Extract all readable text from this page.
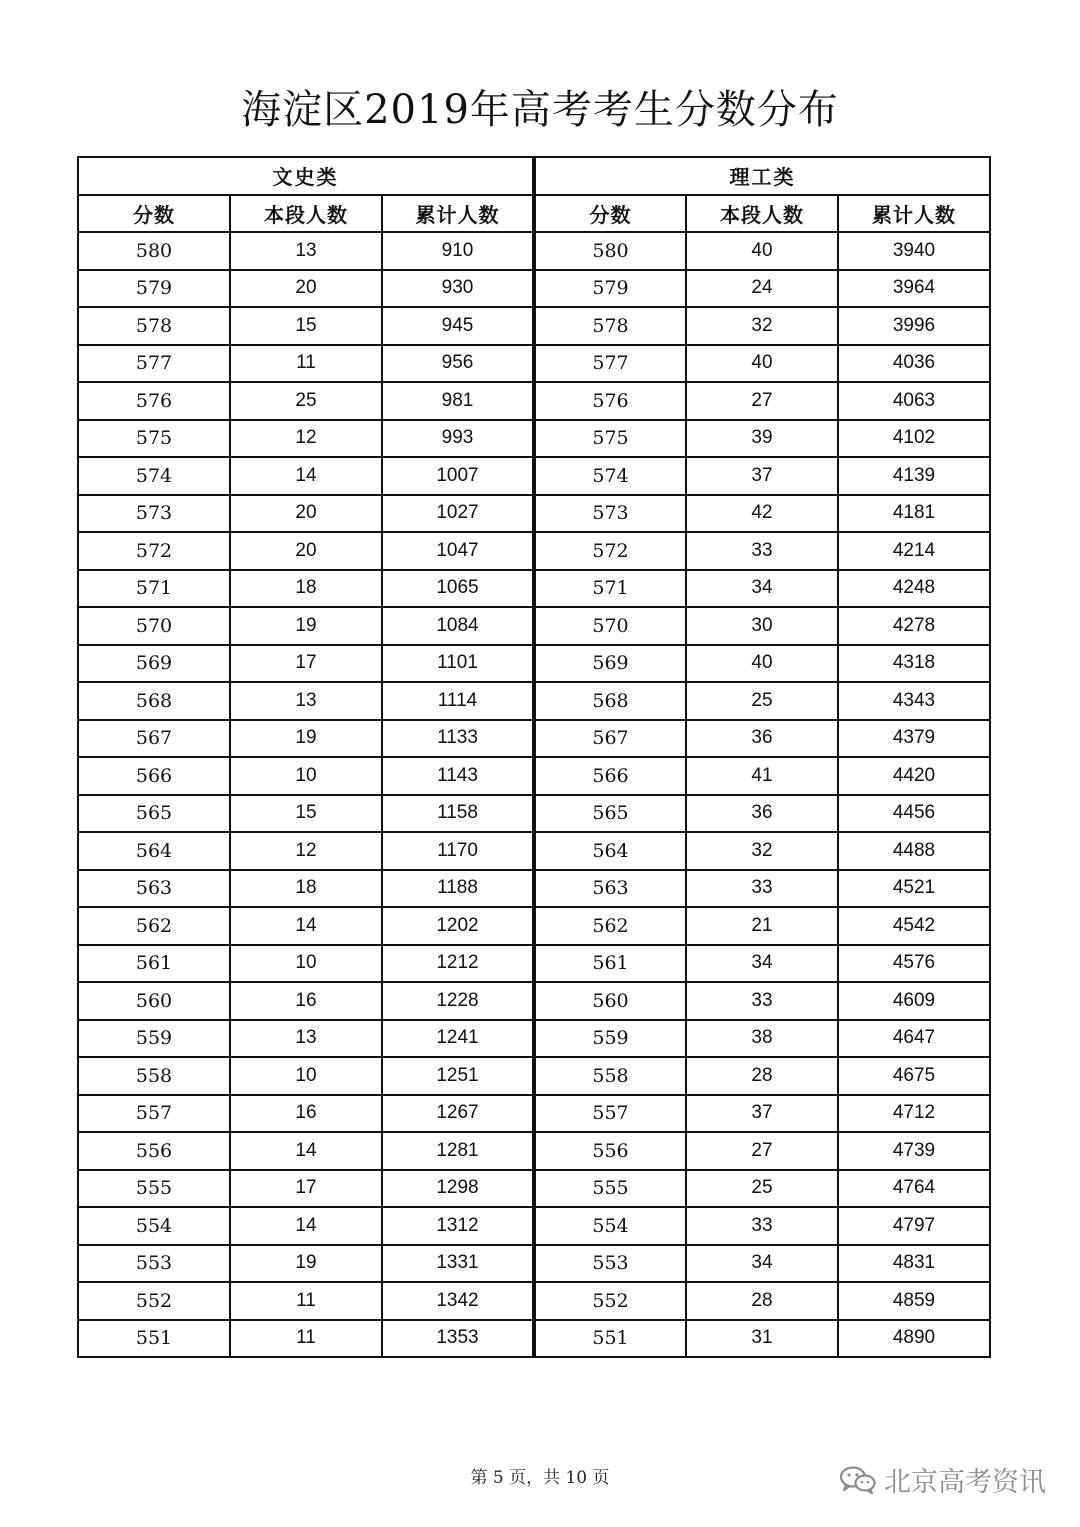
海淀区2019年高考考生分数分布
文史类			理工类		
分数	本段人数	累计人数	分数	本段人数	累计人数
580	13	910	580	40	3940
579	20	930	579	24	3964
578	15	945	578	32	3996
577	11	956	577	40	4036
576	25	981	576	27	4063
575	12	993	575	39	4102
574	14	1007	574	37	4139
573	20	1027	573	42	4181
572	20	1047	572	33	4214
571	18	1065	571	34	4248
570	19	1084	570	30	4278
569	17	1101	569	40	4318
568	13	1114	568	25	4343
567	19	1133	567	36	4379
566	10	1143	566	41	4420
565	15	1158	565	36	4456
564	12	1170	564	32	4488
563	18	1188	563	33	4521
562	14	1202	562	21	4542
561	10	1212	561	34	4576
560	16	1228	560	33	4609
559	13	1241	559	38	4647
558	10	1251	558	28	4675
557	16	1267	557	37	4712
556	14	1281	556	27	4739
555	17	1298	555	25	4764
554	14	1312	554	33	4797
553	19	1331	553	34	4831
552	11	1342	552	28	4859
551	11	1353	551	31	4890
第 5 页，共 10 页	北京高考资讯
